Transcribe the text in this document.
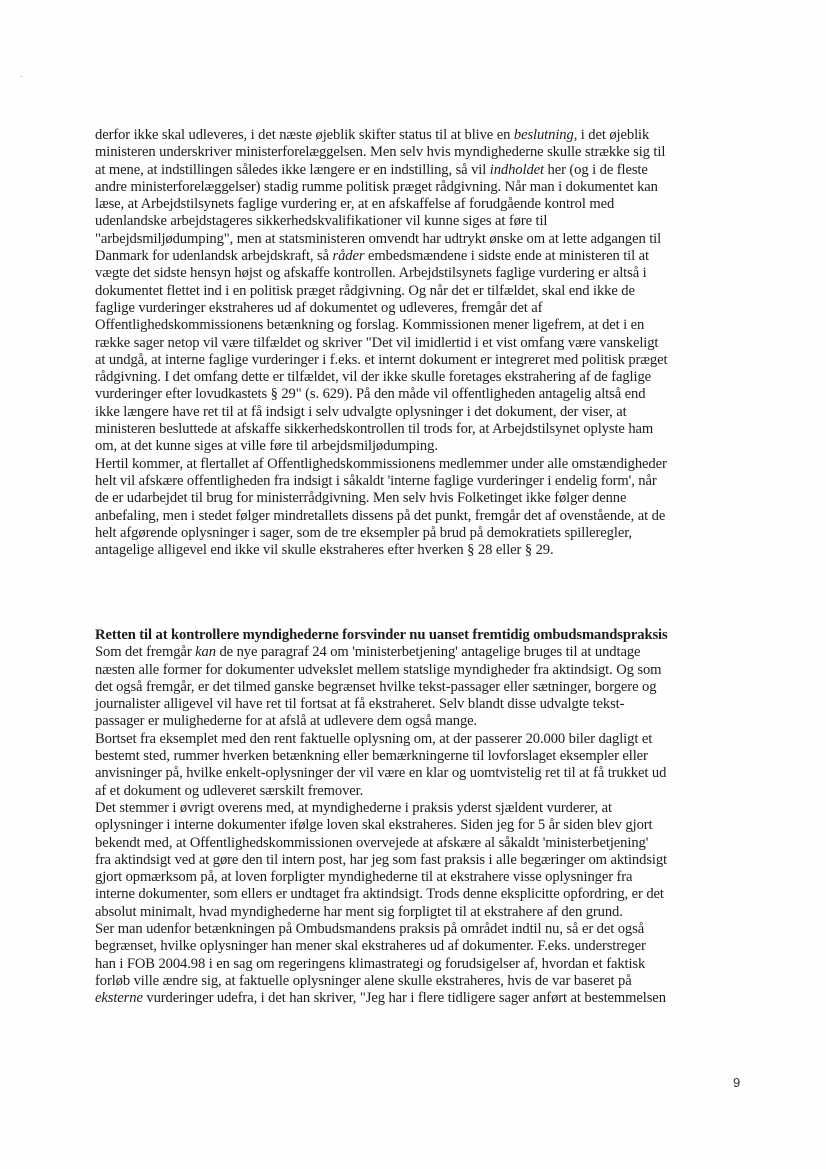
derfor ikke skal udleveres, i det næste øjeblik skifter status til at blive en beslutning, i det øjeblik
ministeren underskriver ministerforelæggelsen. Men selv hvis myndighederne skulle strække sig til
at mene, at indstillingen således ikke længere er en indstilling, så vil indholdet her (og i de fleste
andre ministerforelæggelser) stadig rumme politisk præget rådgivning. Når man i dokumentet kan
læse, at Arbejdstilsynets faglige vurdering er, at en afskaffelse af forudgående kontrol med
udenlandske arbejdstageres sikkerhedskvalifikationer vil kunne siges at føre til
"arbejdsmiljødumping", men at statsministeren omvendt har udtrykt ønske om at lette adgangen til
Danmark for udenlandsk arbejdskraft, så råder embedsmændene i sidste ende at ministeren til at
vægte det sidste hensyn højst og afskaffe kontrollen. Arbejdstilsynets faglige vurdering er altså i
dokumentet flettet ind i en politisk præget rådgivning. Og når det er tilfældet, skal end ikke de
faglige vurderinger ekstraheres ud af dokumentet og udleveres, fremgår det af
Offentlighedskommissionens betænkning og forslag. Kommissionen mener ligefrem, at det i en
række sager netop vil være tilfældet og skriver "Det vil imidlertid i et vist omfang være vanskeligt
at undgå, at interne faglige vurderinger i f.eks. et internt dokument er integreret med politisk præget
rådgivning. I det omfang dette er tilfældet, vil der ikke skulle foretages ekstrahering af de faglige
vurderinger efter lovudkastets § 29" (s. 629). På den måde vil offentligheden antagelig altså end
ikke længere have ret til at få indsigt i selv udvalgte oplysninger i det dokument, der viser, at
ministeren besluttede at afskaffe sikkerhedskontrollen til trods for, at Arbejdstilsynet oplyste ham
om, at det kunne siges at ville føre til arbejdsmiljødumping.
Hertil kommer, at flertallet af Offentlighedskommissionens medlemmer under alle omstændigheder
helt vil afskære offentligheden fra indsigt i såkaldt 'interne faglige vurderinger i endelig form', når
de er udarbejdet til brug for ministerrådgivning. Men selv hvis Folketinget ikke følger denne
anbefaling, men i stedet følger mindretallets dissens på det punkt, fremgår det af ovenstående, at de
helt afgørende oplysninger i sager, som de tre eksempler på brud på demokratiets spilleregler,
antagelige alligevel end ikke vil skulle ekstraheres efter hverken § 28 eller § 29.
Retten til at kontrollere myndighederne forsvinder nu uanset fremtidig ombudsmandspraksis
Som det fremgår kan de nye paragraf 24 om 'ministerbetjening' antagelige bruges til at undtage
næsten alle former for dokumenter udvekslet mellem statslige myndigheder fra aktindsigt. Og som
det også fremgår, er det tilmed ganske begrænset hvilke tekst-passager eller sætninger, borgere og
journalister alligevel vil have ret til fortsat at få ekstraheret. Selv blandt disse udvalgte tekst-
passager er mulighederne for at afslå at udlevere dem også mange.
Bortset fra eksemplet med den rent faktuelle oplysning om, at der passerer 20.000 biler dagligt et
bestemt sted, rummer hverken betænkning eller bemærkningerne til lovforslaget eksempler eller
anvisninger på, hvilke enkelt-oplysninger der vil være en klar og uomtvistelig ret til at få trukket ud
af et dokument og udleveret særskilt fremover.
Det stemmer i øvrigt overens med, at myndighederne i praksis yderst sjældent vurderer, at
oplysninger i interne dokumenter ifølge loven skal ekstraheres. Siden jeg for 5 år siden blev gjort
bekendt med, at Offentlighedskommissionen overvejede at afskære al såkaldt 'ministerbetjening'
fra aktindsigt ved at gøre den til intern post, har jeg som fast praksis i alle begæringer om aktindsigt
gjort opmærksom på, at loven forpligter myndighederne til at ekstrahere visse oplysninger fra
interne dokumenter, som ellers er undtaget fra aktindsigt. Trods denne eksplicitte opfordring, er det
absolut minimalt, hvad myndighederne har ment sig forpligtet til at ekstrahere af den grund.
Ser man udenfor betænkningen på Ombudsmandens praksis på området indtil nu, så er det også
begrænset, hvilke oplysninger han mener skal ekstraheres ud af dokumenter. F.eks. understreger
han i FOB 2004.98 i en sag om regeringens klimastrategi og forudsigelser af, hvordan et faktisk
forløb ville ændre sig, at faktuelle oplysninger alene skulle ekstraheres, hvis de var baseret på
eksterne vurderinger udefra, i det han skriver, "Jeg har i flere tidligere sager anført at bestemmelsen
9
